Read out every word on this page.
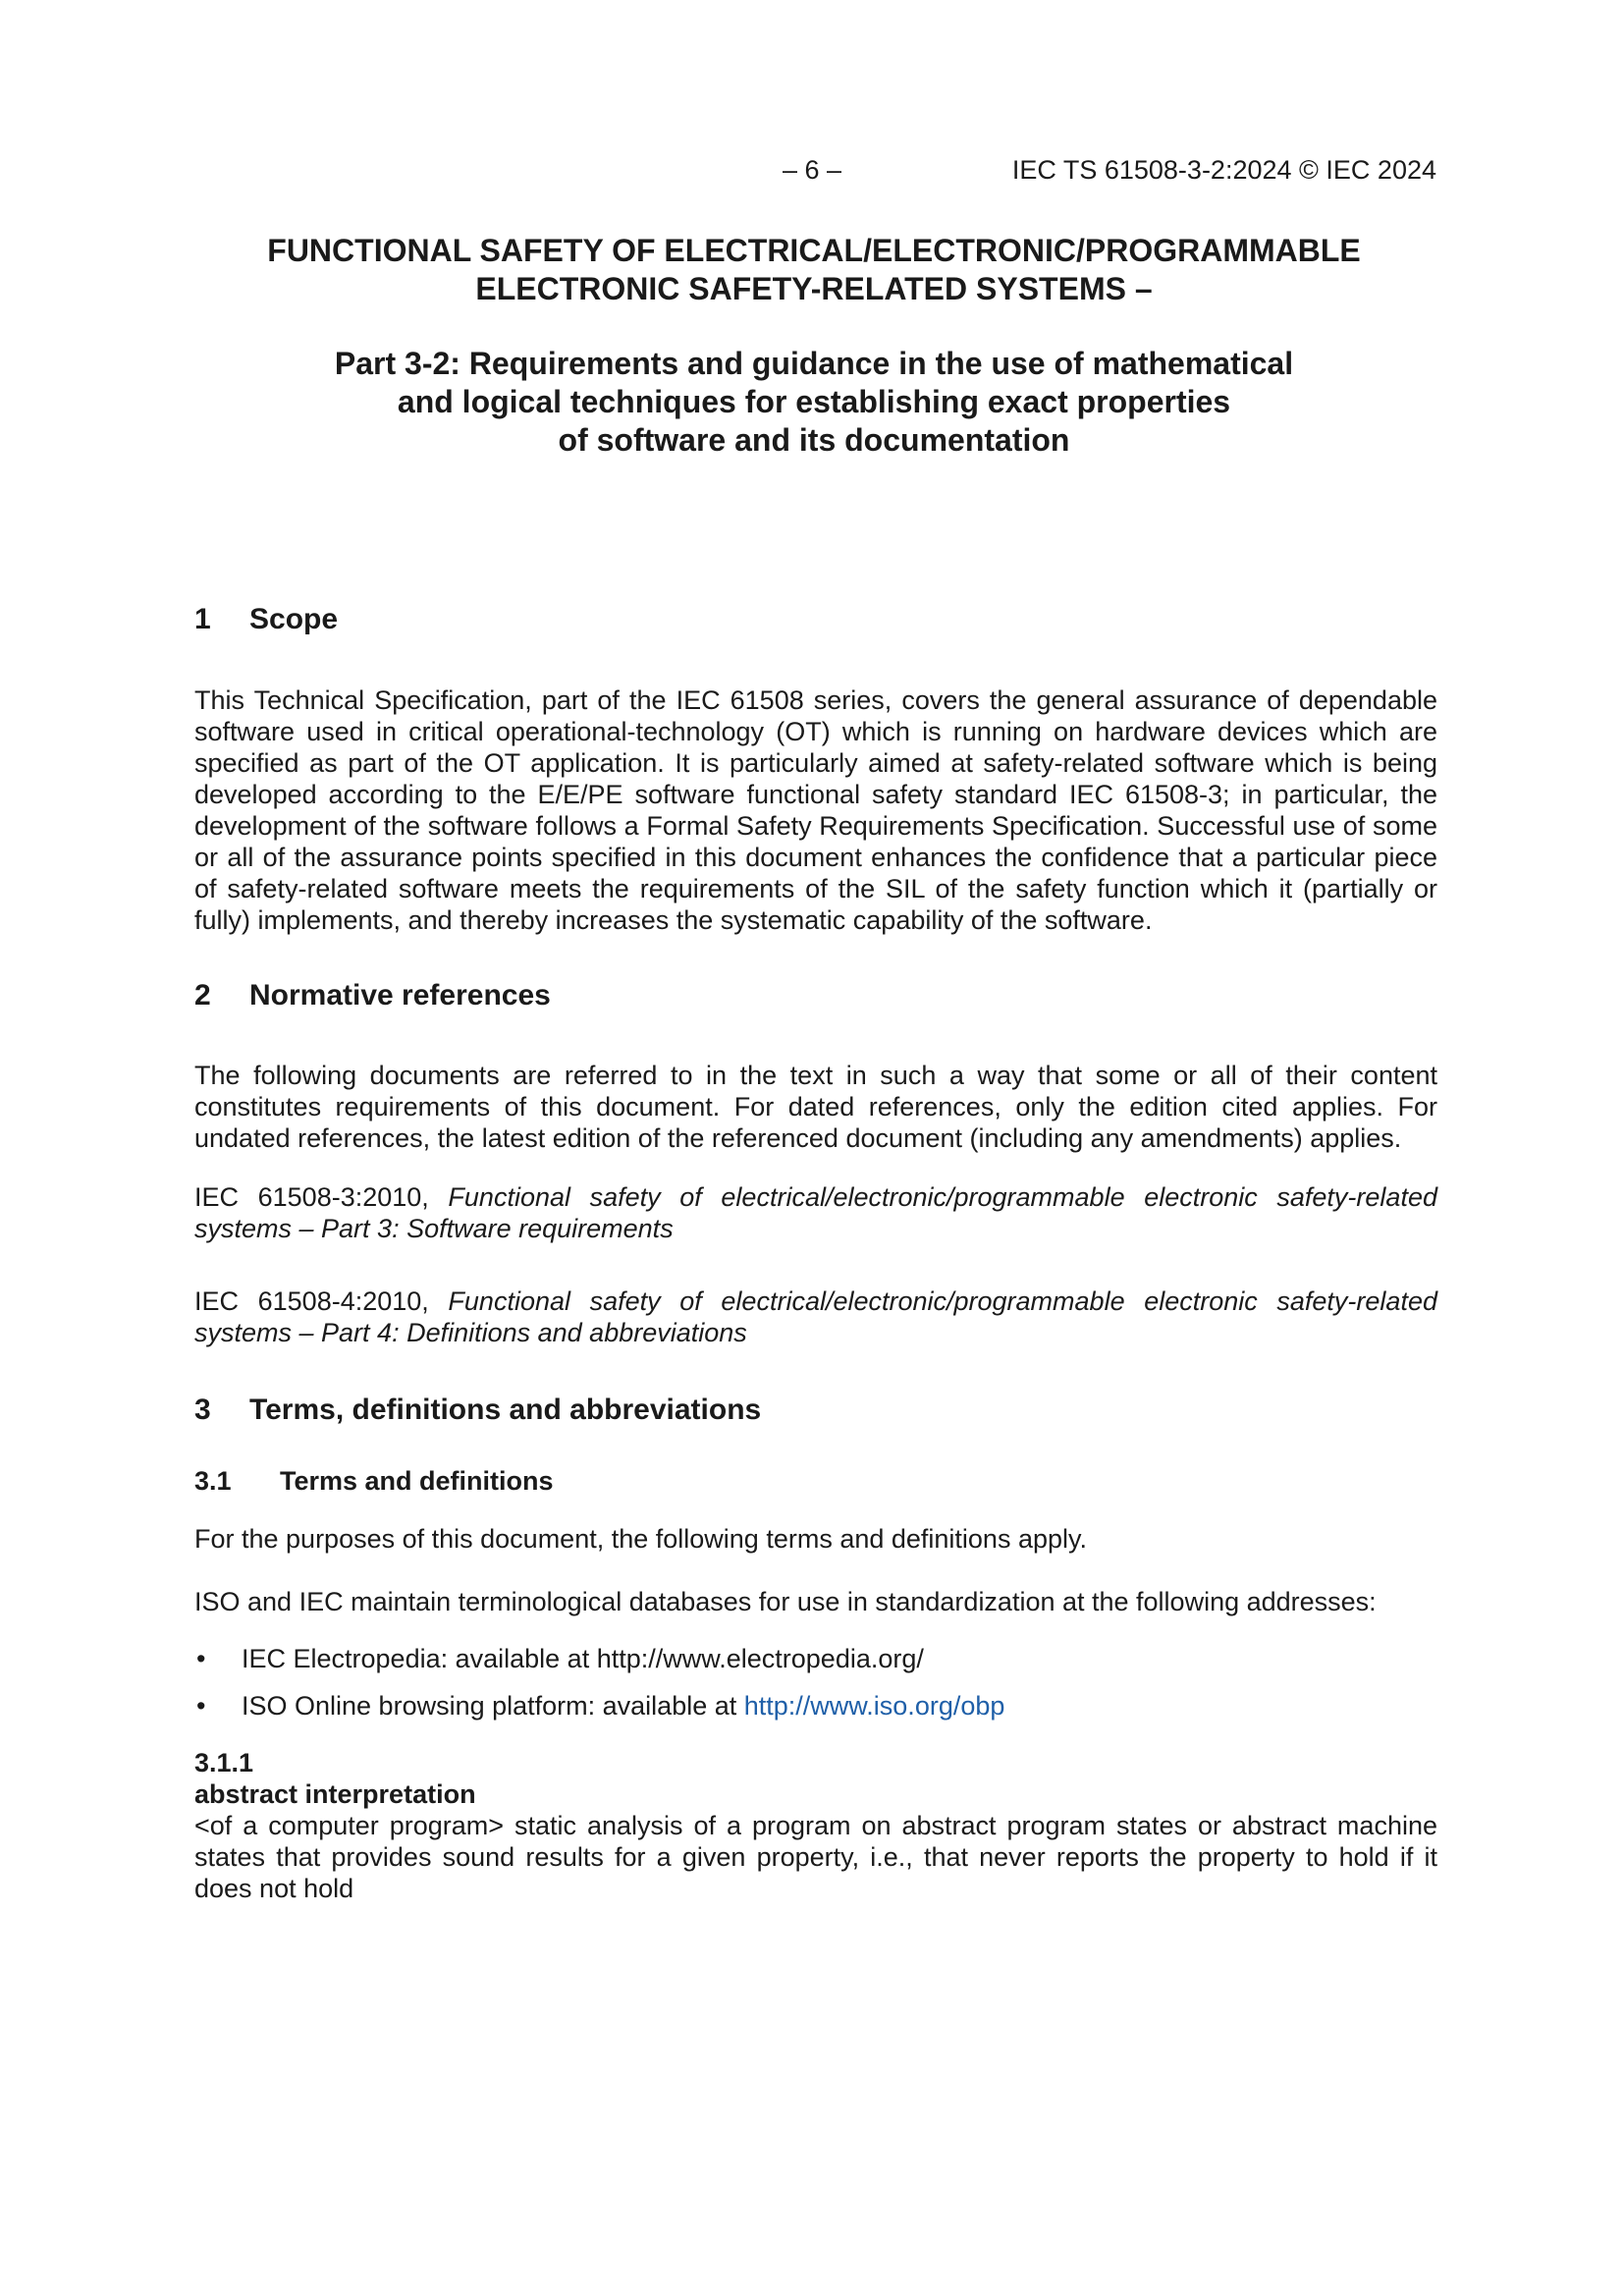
– 6 –	IEC TS 61508-3-2:2024 © IEC 2024
FUNCTIONAL SAFETY OF ELECTRICAL/ELECTRONIC/PROGRAMMABLE
ELECTRONIC SAFETY-RELATED SYSTEMS –
Part 3-2: Requirements and guidance in the use of mathematical
and logical techniques for establishing exact properties
of software and its documentation
1	Scope

This Technical Specification, part of the IEC 61508 series, covers the general assurance of dependable software used in critical operational-technology (OT) which is running on hardware devices which are specified as part of the OT application. It is particularly aimed at safety-related software which is being developed according to the E/E/PE software functional safety standard IEC 61508-3; in particular, the development of the software follows a Formal Safety Requirements Specification. Successful use of some or all of the assurance points specified in this document enhances the confidence that a particular piece of safety-related software meets the requirements of the SIL of the safety function which it (partially or fully) implements, and thereby increases the systematic capability of the software.

2	Normative references

The following documents are referred to in the text in such a way that some or all of their content constitutes requirements of this document. For dated references, only the edition cited applies. For undated references, the latest edition of the referenced document (including any amendments) applies.

IEC 61508-3:2010, Functional safety of electrical/electronic/programmable electronic safety-related systems – Part 3: Software requirements

IEC 61508-4:2010, Functional safety of electrical/electronic/programmable electronic safety-related systems – Part 4: Definitions and abbreviations

3	Terms, definitions and abbreviations
3.1	Terms and definitions

For the purposes of this document, the following terms and definitions apply.

ISO and IEC maintain terminological databases for use in standardization at the following addresses:

• IEC Electropedia: available at http://www.electropedia.org/
• ISO Online browsing platform: available at http://www.iso.org/obp

3.1.1

abstract interpretation

<of a computer program> static analysis of a program on abstract program states or abstract machine states that provides sound results for a given property, i.e., that never reports the property to hold if it does not hold
